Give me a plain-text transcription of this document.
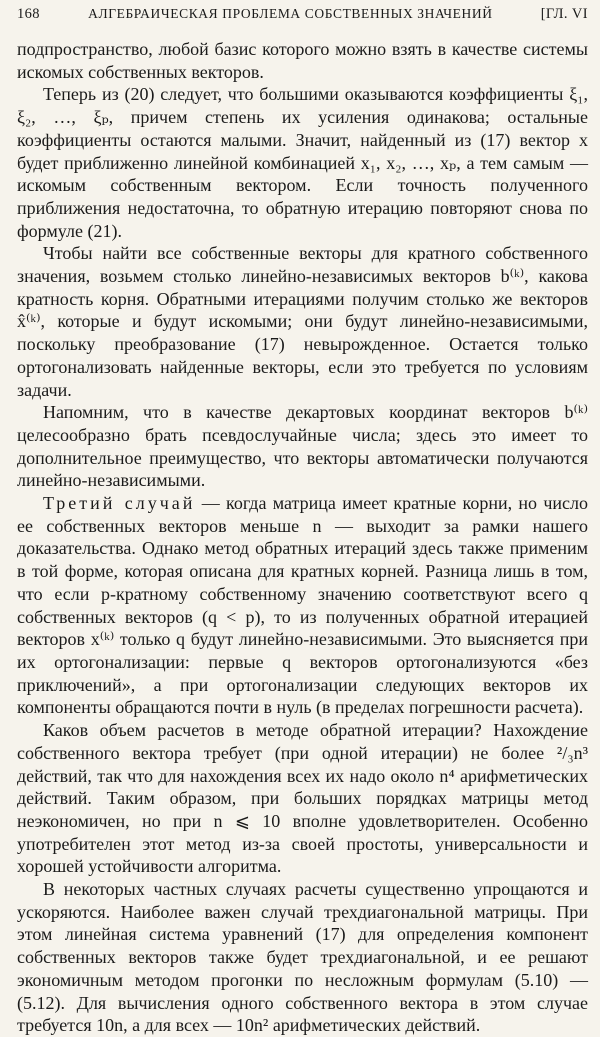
168	АЛГЕБРАИЧЕСКАЯ ПРОБЛЕМА СОБСТВЕННЫХ ЗНАЧЕНИЙ	[ГЛ. VI

подпространство, любой базис которого можно взять в качестве системы искомых собственных векторов.

Теперь из (20) следует, что большими оказываются коэффициенты ξ₁, ξ₂, …, ξₚ, причем степень их усиления одинакова; остальные коэффициенты остаются малыми. Значит, найденный из (17) вектор x будет приближенно линейной комбинацией x₁, x₂, …, xₚ, а тем самым — искомым собственным вектором. Если точность полученного приближения недостаточна, то обратную итерацию повторяют снова по формуле (21).

Чтобы найти все собственные векторы для кратного собственного значения, возьмем столько линейно-независимых векторов b⁽ᵏ⁾, какова кратность корня. Обратными итерациями получим столько же векторов x̂⁽ᵏ⁾, которые и будут искомыми; они будут линейно-независимыми, поскольку преобразование (17) невырожденное. Остается только ортогонализовать найденные векторы, если это требуется по условиям задачи.

Напомним, что в качестве декартовых координат векторов b⁽ᵏ⁾ целесообразно брать псевдослучайные числа; здесь это имеет то дополнительное преимущество, что векторы автоматически получаются линейно-независимыми.

Третий случай — когда матрица имеет кратные корни, но число ее собственных векторов меньше n — выходит за рамки нашего доказательства. Однако метод обратных итераций здесь также применим в той форме, которая описана для кратных корней. Разница лишь в том, что если p-кратному собственному значению соответствуют всего q собственных векторов (q < p), то из полученных обратной итерацией векторов x⁽ᵏ⁾ только q будут линейно-независимыми. Это выясняется при их ортогонализации: первые q векторов ортогонализуются «без приключений», а при ортогонализации следующих векторов их компоненты обращаются почти в нуль (в пределах погрешности расчета).

Каков объем расчетов в методе обратной итерации? Нахождение собственного вектора требует (при одной итерации) не более ²/₃n³ действий, так что для нахождения всех их надо около n⁴ арифметических действий. Таким образом, при больших порядках матрицы метод неэкономичен, но при n ⩽ 10 вполне удовлетворителен. Особенно употребителен этот метод из-за своей простоты, универсальности и хорошей устойчивости алгоритма.

В некоторых частных случаях расчеты существенно упрощаются и ускоряются. Наиболее важен случай трехдиагональной матрицы. При этом линейная система уравнений (17) для определения компонент собственных векторов также будет трехдиагональной, и ее решают экономичным методом прогонки по несложным формулам (5.10) — (5.12). Для вычисления одного собственного вектора в этом случае требуется 10n, а для всех — 10n² арифметических действий.
